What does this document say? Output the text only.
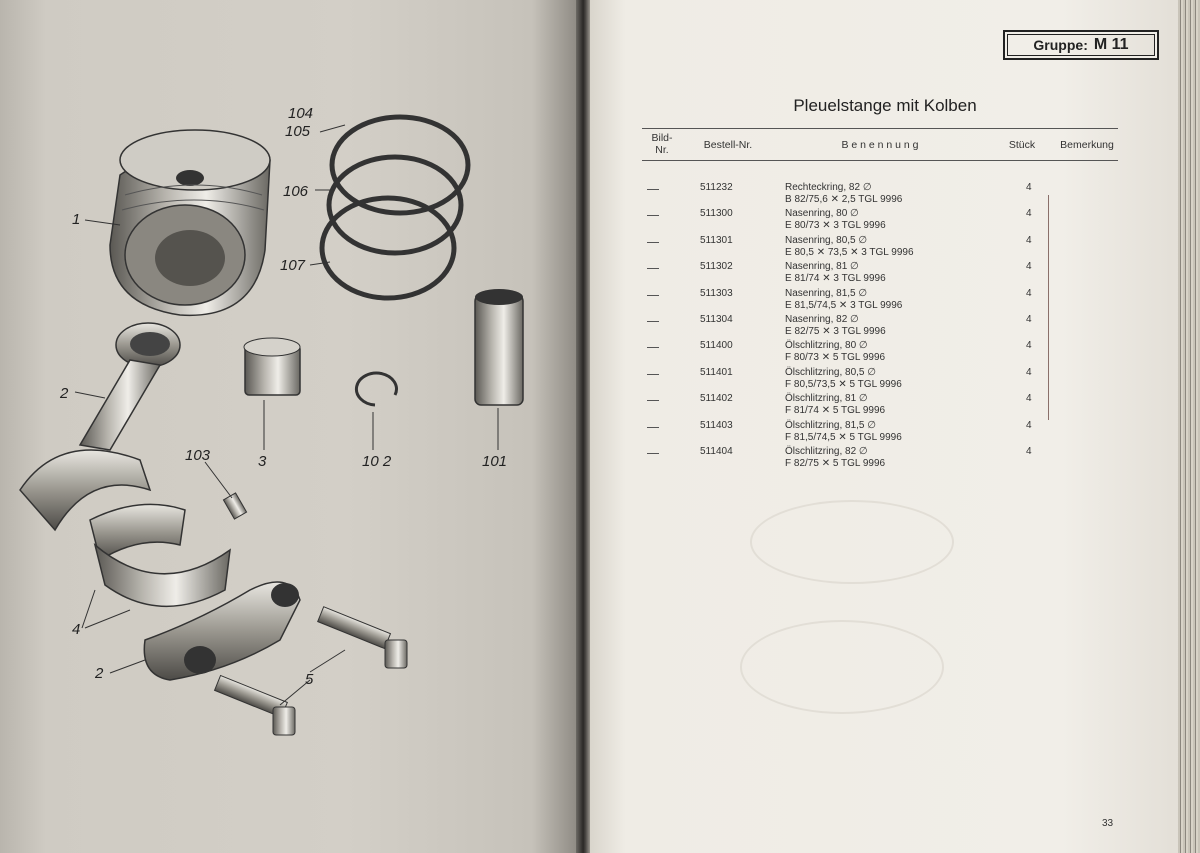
1
2
2
3
4
5
101
10 2
103
104
105
106
107
Gruppe: M 11
Pleuelstange mit Kolben
Bild-
Nr.	Bestell-Nr.	B e n e n n u n g	Stück	Bemerkung
511232	Rechteckring, 82 ∅
B 82/75,6 ✕ 2,5 TGL 9996
4
511300	Nasenring, 80 ∅
E 80/73 ✕ 3 TGL 9996
4
511301	Nasenring, 80,5 ∅
E 80,5 ✕ 73,5 ✕ 3 TGL 9996
4
511302	Nasenring, 81 ∅
E 81/74 ✕ 3 TGL 9996
4
511303	Nasenring, 81,5 ∅
E 81,5/74,5 ✕ 3 TGL 9996
4
511304	Nasenring, 82 ∅
E 82/75 ✕ 3 TGL 9996
4
511400	Ölschlitzring, 80 ∅
F 80/73 ✕ 5 TGL 9996
4
511401	Ölschlitzring, 80,5 ∅
F 80,5/73,5 ✕ 5 TGL 9996
4
511402	Ölschlitzring, 81 ∅
F 81/74 ✕ 5 TGL 9996
4
511403	Ölschlitzring, 81,5 ∅
F 81,5/74,5 ✕ 5 TGL 9996
4
511404	Ölschlitzring, 82 ∅
F 82/75 ✕ 5 TGL 9996
4
33
